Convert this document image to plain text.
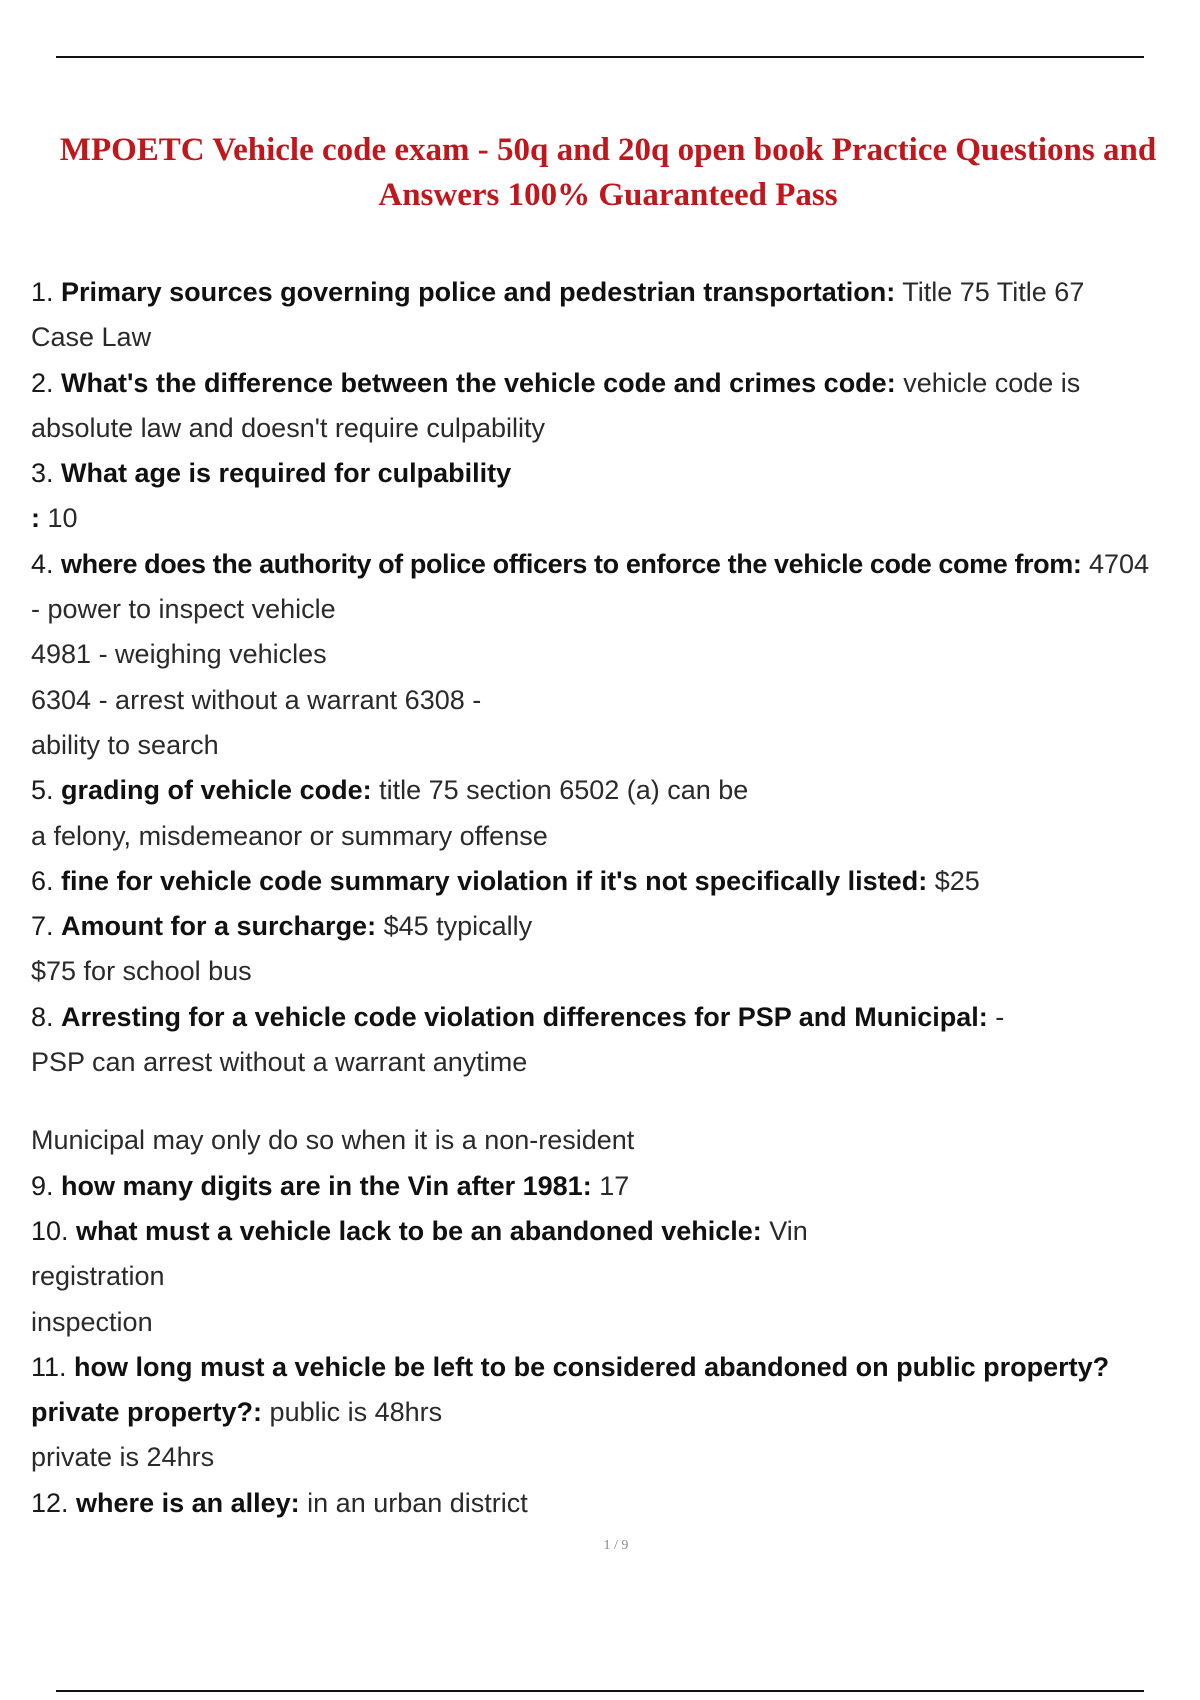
MPOETC Vehicle code exam - 50q and 20q open book Practice Questions and
Answers 100% Guaranteed Pass

1. Primary sources governing police and pedestrian transportation: Title 75 Title 67
Case Law

2. What's the difference between the vehicle code and crimes code: vehicle code is
absolute law and doesn't require culpability

3. What age is required for culpability
: 10

4. where does the authority of police officers to enforce the vehicle code come from: 4704
- power to inspect vehicle
4981 - weighing vehicles
6304 - arrest without a warrant 6308 -
ability to search

5. grading of vehicle code: title 75 section 6502 (a) can be
a felony, misdemeanor or summary offense

6. fine for vehicle code summary violation if it's not specifically listed: $25

7. Amount for a surcharge: $45 typically
$75 for school bus

8. Arresting for a vehicle code violation differences for PSP and Municipal: -
PSP can arrest without a warrant anytime

Municipal may only do so when it is a non-resident

9. how many digits are in the Vin after 1981: 17

10. what must a vehicle lack to be an abandoned vehicle: Vin
registration
inspection

11. how long must a vehicle be left to be considered abandoned on public property?
private property?: public is 48hrs
private is 24hrs

12. where is an alley: in an urban district

1 / 9
